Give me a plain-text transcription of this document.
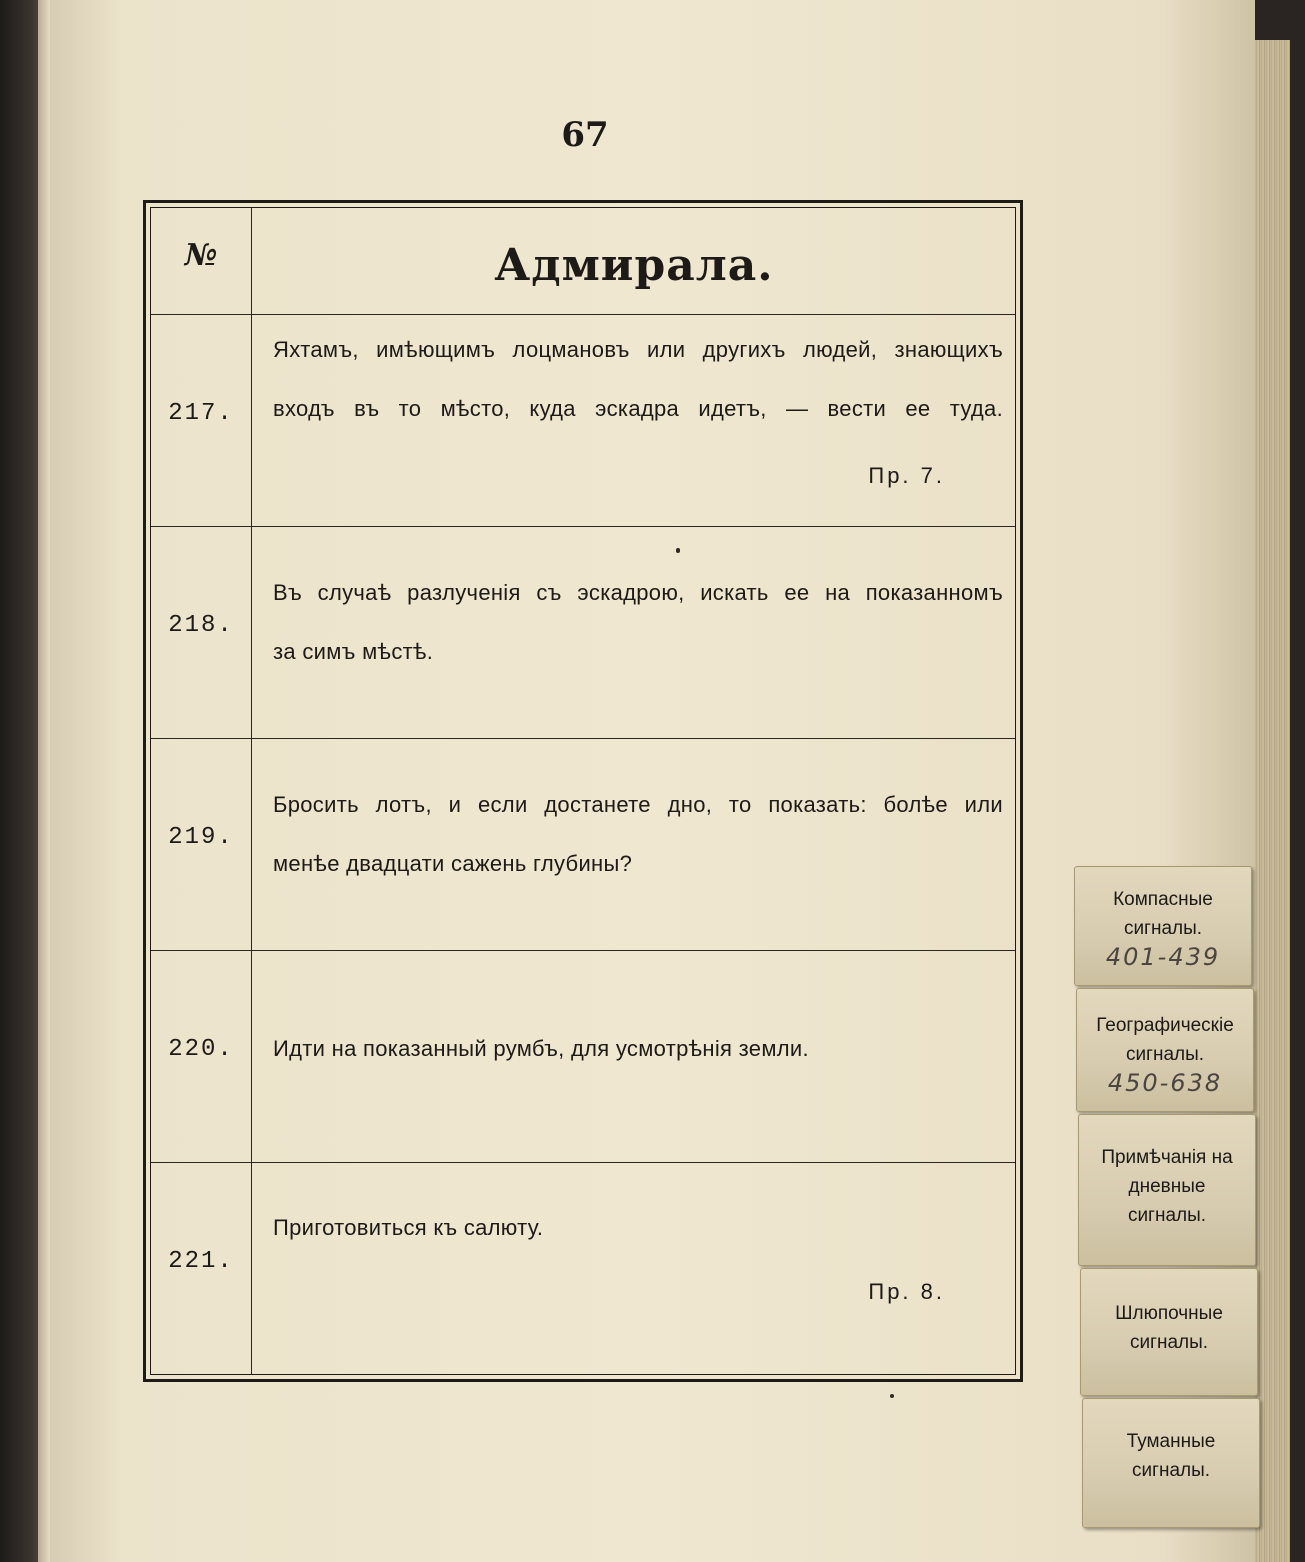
67
№	Адмирала.
217.
Яхтамъ, имѣющимъ лоцмановъ или другихъ людей, знающихъ
входъ въ то мѣсто, куда эскадра идетъ, — вести ее туда.
Пр. 7.
218.
Въ случаѣ разлученія съ эскадрою, искать ее на показанномъ
за симъ мѣстѣ.
219.
Бросить лотъ, и если достанете дно, то показать: болѣе или
менѣе двадцати сажень глубины?
220.	Идти на показанный румбъ, для усмотрѣнія земли.
221.
Приготовиться къ салюту.
Пр. 8.
Компасные
сигналы.
401-439
Географическіе
сигналы.
450-638
Примѣчанія на
дневные
сигналы.
Шлюпочные
сигналы.
Туманные
сигналы.
